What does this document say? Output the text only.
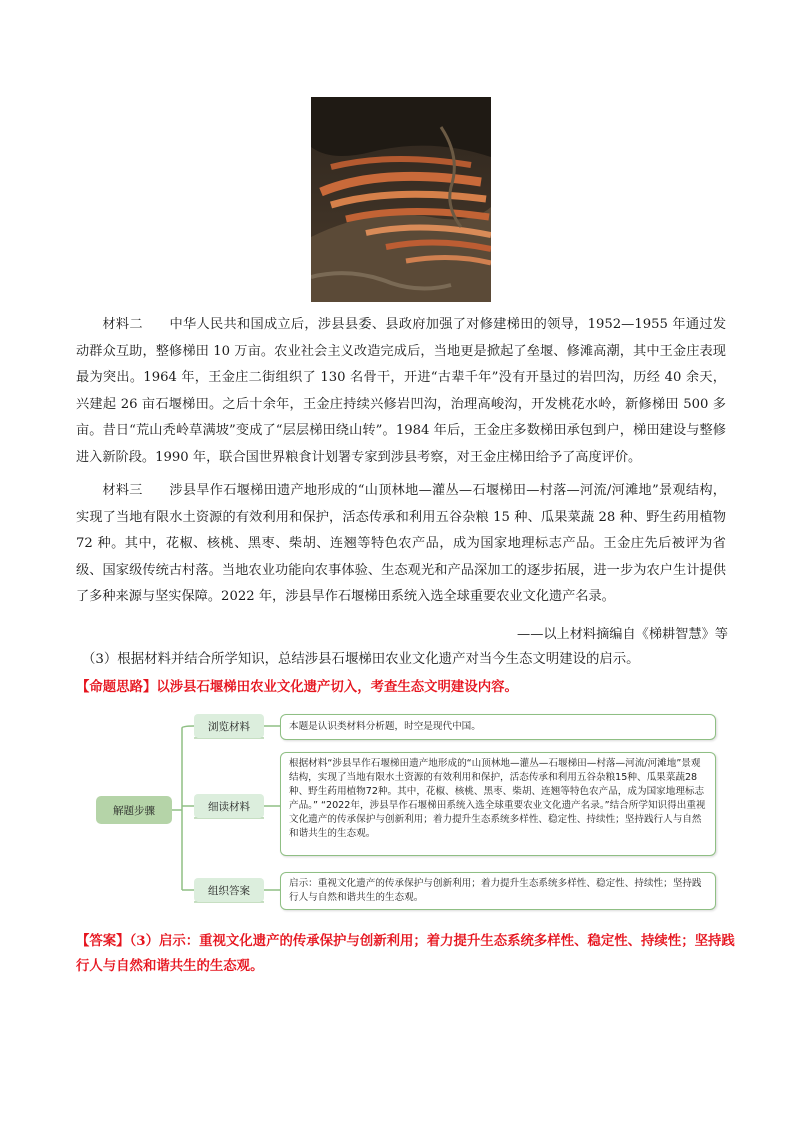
材料二 中华人民共和国成立后，涉县县委、县政府加强了对修建梯田的领导，1952—1955 年通过发动群众互助，整修梯田 10 万亩。农业社会主义改造完成后，当地更是掀起了垒堰、修滩高潮，其中王金庄表现最为突出。1964 年，王金庄二街组织了 130 名骨干，开进“古辈千年”没有开垦过的岩凹沟，历经 40 余天，兴建起 26 亩石堰梯田。之后十余年，王金庄持续兴修岩凹沟，治理高峻沟，开发桃花水岭，新修梯田 500 多亩。昔日“荒山秃岭草满坡”变成了“层层梯田绕山转”。1984 年后，王金庄多数梯田承包到户，梯田建设与整修进入新阶段。1990 年，联合国世界粮食计划署专家到涉县考察，对王金庄梯田给予了高度评价。

材料三 涉县旱作石堰梯田遗产地形成的“山顶林地—灌丛—石堰梯田—村落—河流/河滩地”景观结构，实现了当地有限水土资源的有效利用和保护，活态传承和利用五谷杂粮 15 种、瓜果菜蔬 28 种、野生药用植物 72 种。其中，花椒、核桃、黑枣、柴胡、连翘等特色农产品，成为国家地理标志产品。王金庄先后被评为省级、国家级传统古村落。当地农业功能向农事体验、生态观光和产品深加工的逐步拓展，进一步为农户生计提供了多种来源与坚实保障。2022 年，涉县旱作石堰梯田系统入选全球重要农业文化遗产名录。

——以上材料摘编自《梯耕智慧》等

（3）根据材料并结合所学知识，总结涉县石堰梯田农业文化遗产对当今生态文明建设的启示。

【命题思路】以涉县石堰梯田农业文化遗产切入，考查生态文明建设内容。

解题步骤
浏览材料
细读材料
组织答案
本题是认识类材料分析题，时空是现代中国。
根据材料“涉县旱作石堰梯田遗产地形成的“山顶林地—灌丛—石堰梯田—村落—河流/河滩地”景观结构，实现了当地有限水土资源的有效利用和保护，活态传承和利用五谷杂粮15种、瓜果菜蔬28种、野生药用植物72种。其中，花椒、核桃、黑枣、柴胡、连翘等特色农产品，成为国家地理标志产品。” “2022年，涉县旱作石堰梯田系统入选全球重要农业文化遗产名录。”结合所学知识得出重视文化遗产的传承保护与创新利用；着力提升生态系统多样性、稳定性、持续性；坚持践行人与自然和谐共生的生态观。
启示：重视文化遗产的传承保护与创新利用；着力提升生态系统多样性、稳定性、持续性；坚持践行人与自然和谐共生的生态观。

【答案】（3）启示：重视文化遗产的传承保护与创新利用；着力提升生态系统多样性、稳定性、持续性；坚持践行人与自然和谐共生的生态观。
